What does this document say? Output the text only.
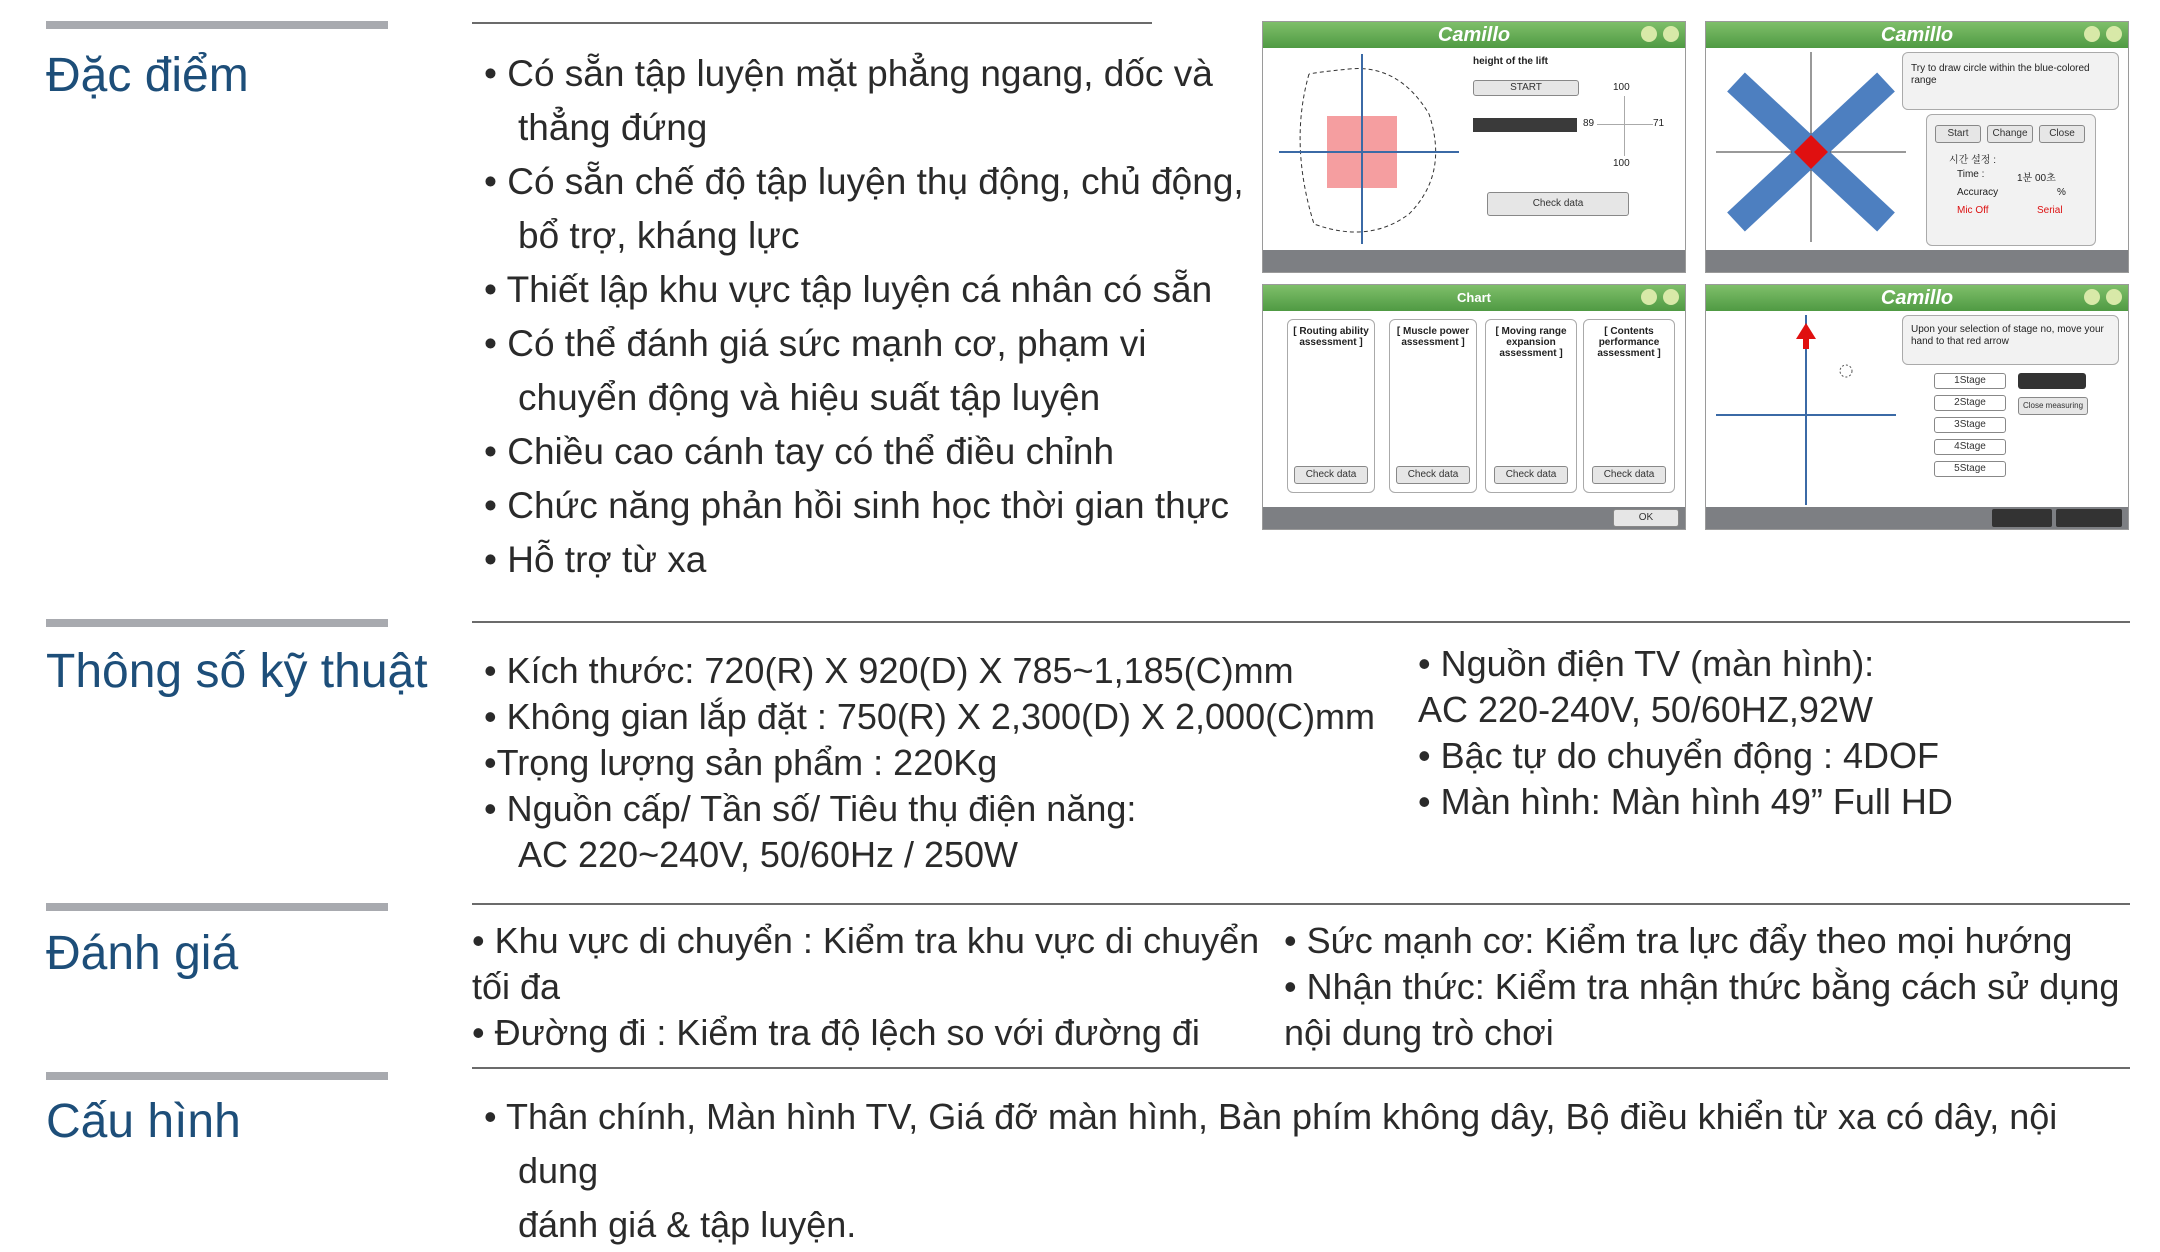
Đặc điểm	• Có sẵn tập luyện mặt phẳng ngang, dốc và thẳng đứng

• Có sẵn chế độ tập luyện thụ động, chủ động, bổ trợ, kháng lực

• Thiết lập khu vực tập luyện cá nhân có sẵn

• Có thể đánh giá sức mạnh cơ, phạm vi chuyển động và hiệu suất tập luyện

• Chiều cao cánh tay có thể điều chỉnh

• Chức năng phản hồi sinh học thời gian thực

• Hỗ trợ từ xa

Camillo
height of the lift
START	100
89	71
100
Check data
Camillo
Try to draw circle within the blue-colored range
Start	Change	Close
시간 설정 :
Time :	1분 00초
Accuracy	%
Mic Off	Serial
Chart
[ Routing ability assessment ]
Check data
[ Muscle power assessment ]
Check data
[ Moving range expansion assessment ]
Check data
[ Contents performance assessment ]
Check data
OK
Camillo
Upon your selection of stage no, move your hand to that red arrow
1Stage
2Stage
3Stage
4Stage
5Stage
Close measuring
Thông số kỹ thuật • Kích thước: 720(R) X 920(D) X 785~1,185(C)mm

• Không gian lắp đặt : 750(R) X 2,300(D) X 2,000(C)mm

•Trọng lượng sản phẩm : 220Kg

• Nguồn cấp/ Tần số/ Tiêu thụ điện năng:

AC 220~240V, 50/60Hz / 250W

• Nguồn điện TV (màn hình):

AC 220-240V, 50/60HZ,92W

• Bậc tự do chuyển động : 4DOF

• Màn hình: Màn hình 49” Full HD

Đánh giá	• Khu vực di chuyển : Kiểm tra khu vực di chuyển

tối đa

• Đường đi : Kiểm tra độ lệch so với đường đi

• Sức mạnh cơ: Kiểm tra lực đẩy theo mọi hướng

• Nhận thức: Kiểm tra nhận thức bằng cách sử dụng

nội dung trò chơi

Cấu hình	• Thân chính, Màn hình TV, Giá đỡ màn hình, Bàn phím không dây, Bộ điều khiển từ xa có dây, nội dung

đánh giá & tập luyện.
